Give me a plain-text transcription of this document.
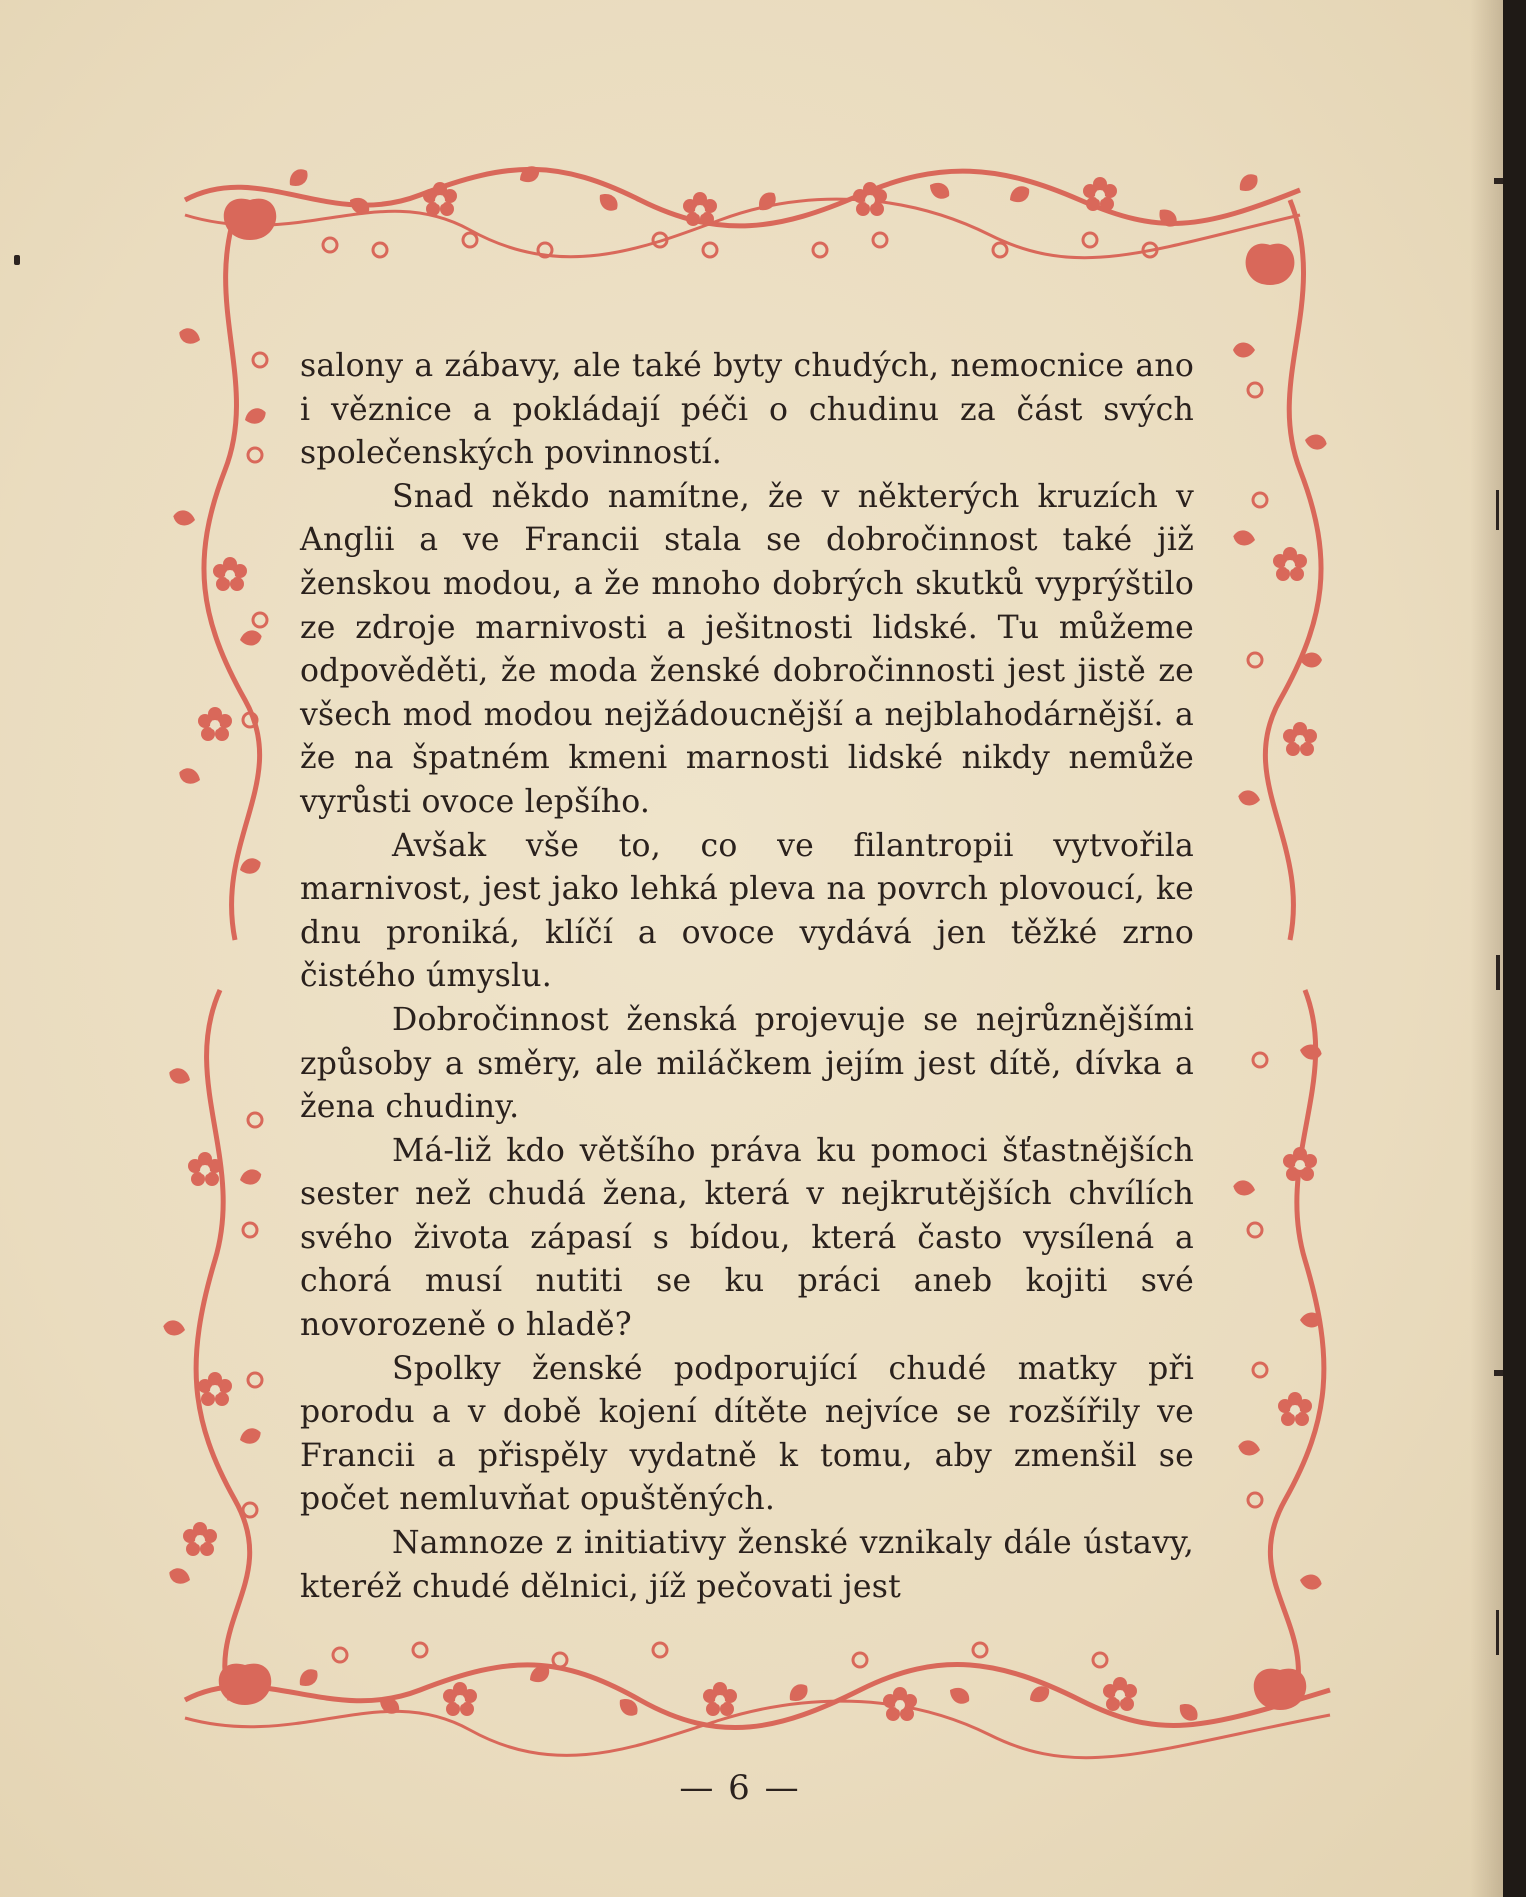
salony a zábavy, ale také byty chudých, nemocnice ano i věznice a pokládají péči o chudinu za část svých společenských povinností.

Snad někdo namítne, že v některých kruzích v Anglii a ve Francii stala se dobročinnost také již ženskou modou, a že mnoho dobrých skutků vyprýštilo ze zdroje marnivosti a ješitnosti lidské. Tu můžeme odpověděti, že moda ženské dobročinnosti jest jistě ze všech mod modou nejžádoucnější a nejblahodárnější. a že na špatném kmeni marnosti lidské nikdy nemůže vyrůsti ovoce lepšího.

Avšak vše to, co ve filantropii vytvořila marnivost, jest jako lehká pleva na povrch plovoucí, ke dnu proniká, klíčí a ovoce vydává jen těžké zrno čistého úmyslu.

Dobročinnost ženská projevuje se nejrůznějšími způsoby a směry, ale miláčkem jejím jest dítě, dívka a žena chudiny.

Má-liž kdo většího práva ku pomoci šťastnějších sester než chudá žena, která v nejkrutějších chvílích svého života zápasí s bídou, která často vysílená a chorá musí nutiti se ku práci aneb kojiti své novorozeně o hladě?

Spolky ženské podporující chudé matky při porodu a v době kojení dítěte nejvíce se rozšířily ve Francii a přispěly vydatně k tomu, aby zmenšil se počet nemluvňat opuštěných.

Namnoze z initiativy ženské vznikaly dále ústavy, kteréž chudé dělnici, jíž pečovati jest

— 6 —
